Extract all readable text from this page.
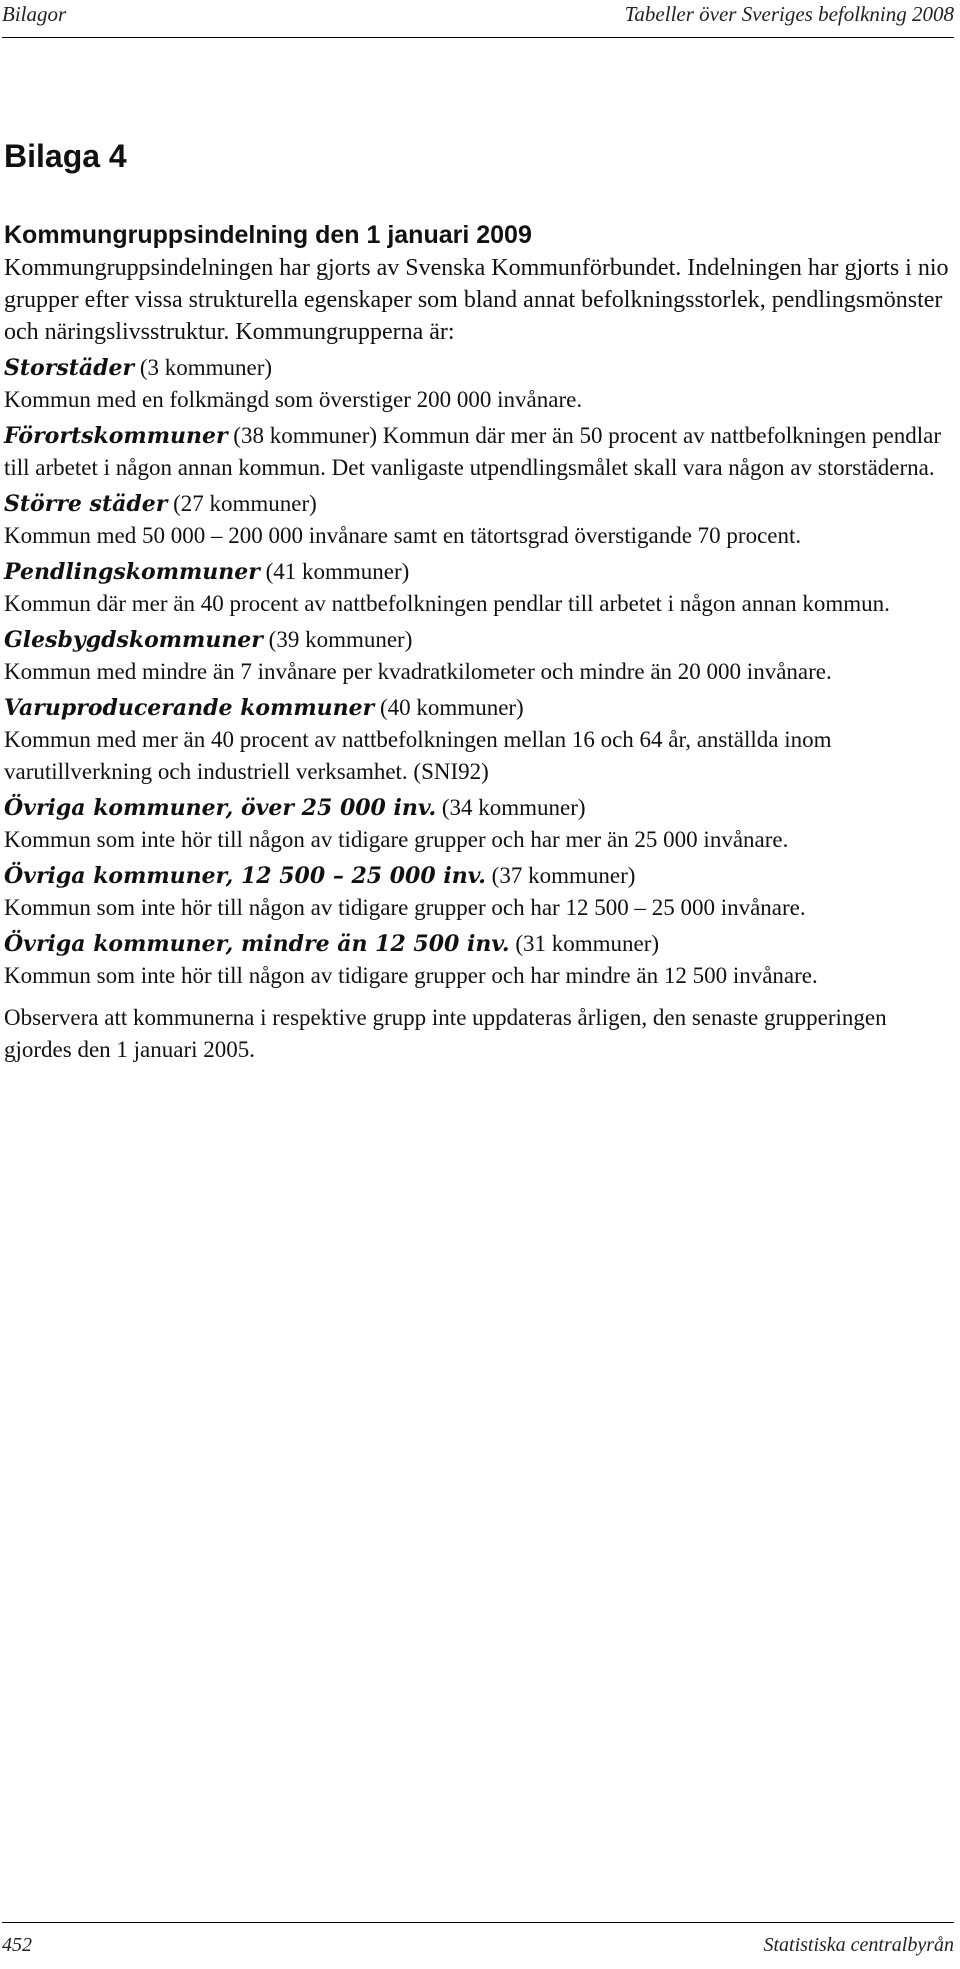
Bilagor	Tabeller över Sveriges befolkning 2008
Bilaga 4
Kommungruppsindelning den 1 januari 2009

Kommungruppsindelningen har gjorts av Svenska Kommunförbundet. Indelningen har gjorts i nio grupper efter vissa strukturella egenskaper som bland annat befolkningsstorlek, pendlingsmönster och näringslivsstruktur. Kommungrupperna är:

Storstäder (3 kommuner)
Kommun med en folkmängd som överstiger 200 000 invånare.
Förortskommuner (38 kommuner) Kommun där mer än 50 procent av nattbefolkningen pendlar till arbetet i någon annan kommun. Det vanligaste utpendlingsmålet skall vara någon av storstäderna.
Större städer (27 kommuner)
Kommun med 50 000 – 200 000 invånare samt en tätortsgrad överstigande 70 procent.
Pendlingskommuner (41 kommuner)
Kommun där mer än 40 procent av nattbefolkningen pendlar till arbetet i någon annan kommun.
Glesbygdskommuner (39 kommuner)
Kommun med mindre än 7 invånare per kvadratkilometer och mindre än 20 000 invånare.
Varuproducerande kommuner (40 kommuner)
Kommun med mer än 40 procent av nattbefolkningen mellan 16 och 64 år, anställda inom varutillverkning och industriell verksamhet. (SNI92)
Övriga kommuner, över 25 000 inv. (34 kommuner)
Kommun som inte hör till någon av tidigare grupper och har mer än 25 000 invånare.
Övriga kommuner, 12 500 – 25 000 inv. (37 kommuner)
Kommun som inte hör till någon av tidigare grupper och har 12 500 – 25 000 invånare.
Övriga kommuner, mindre än 12 500 inv. (31 kommuner)
Kommun som inte hör till någon av tidigare grupper och har mindre än 12 500 invånare.

Observera att kommunerna i respektive grupp inte uppdateras årligen, den senaste grupperingen gjordes den 1 januari 2005.

452	Statistiska centralbyrån
